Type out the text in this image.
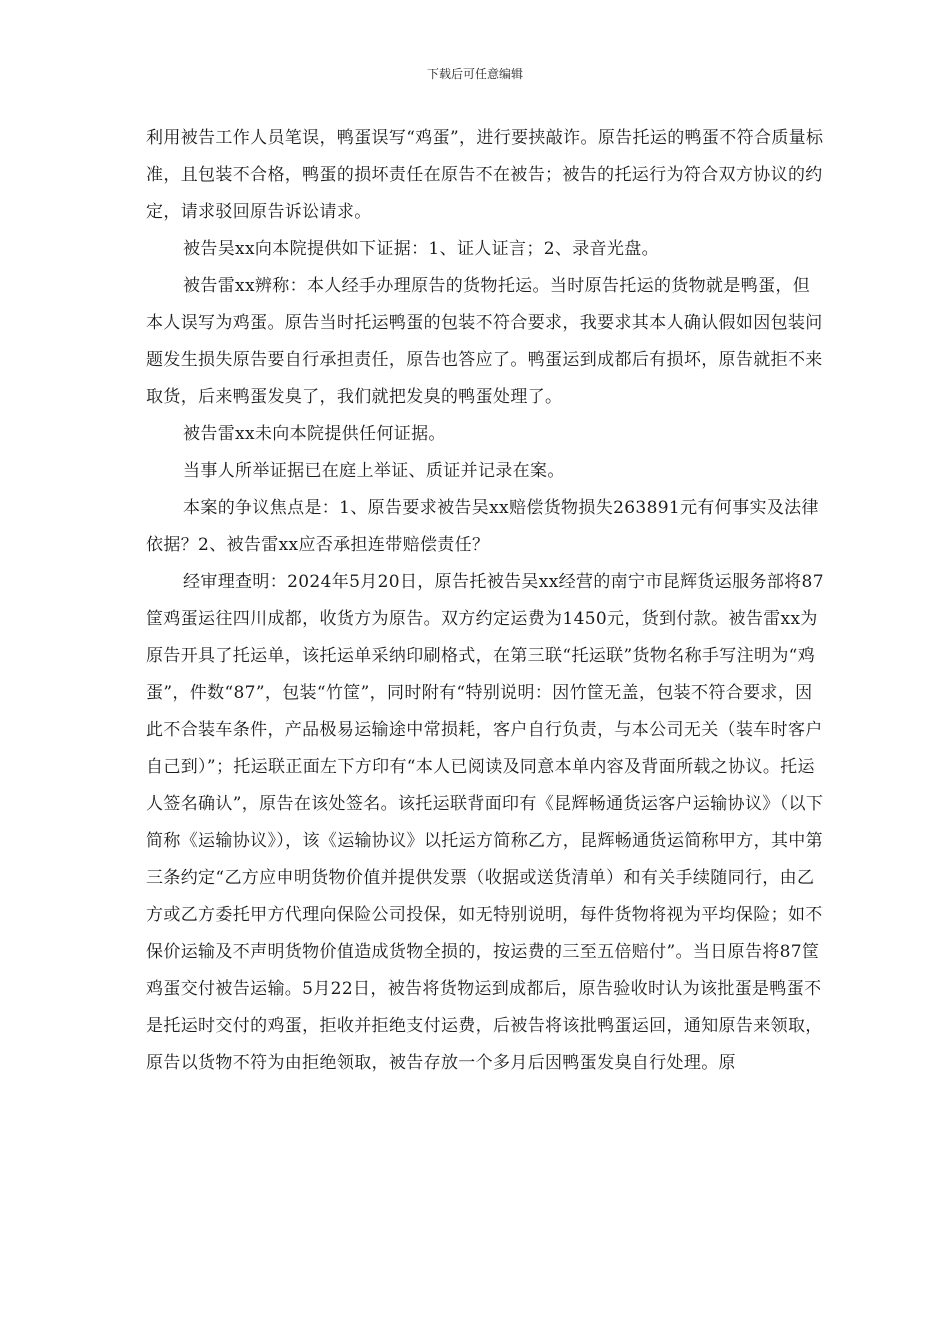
下载后可任意编辑

利用被告工作人员笔误，鸭蛋误写“鸡蛋”，进行要挟敲诈。原告托运的鸭蛋不符合质量标准，且包装不合格，鸭蛋的损坏责任在原告不在被告；被告的托运行为符合双方协议的约定，请求驳回原告诉讼请求。

被告吴xx向本院提供如下证据：1、证人证言；2、录音光盘。

被告雷xx辨称：本人经手办理原告的货物托运。当时原告托运的货物就是鸭蛋，但本人误写为鸡蛋。原告当时托运鸭蛋的包装不符合要求，我要求其本人确认假如因包装问题发生损失原告要自行承担责任，原告也答应了。鸭蛋运到成都后有损坏，原告就拒不来取货，后来鸭蛋发臭了，我们就把发臭的鸭蛋处理了。

被告雷xx未向本院提供任何证据。

当事人所举证据已在庭上举证、质证并记录在案。

本案的争议焦点是：1、原告要求被告吴xx赔偿货物损失263891元有何事实及法律依据？2、被告雷xx应否承担连带赔偿责任？

经审理查明：2024年5月20日，原告托被告吴xx经营的南宁市昆辉货运服务部将87筐鸡蛋运往四川成都，收货方为原告。双方约定运费为1450元，货到付款。被告雷xx为原告开具了托运单，该托运单采纳印刷格式，在第三联“托运联”货物名称手写注明为“鸡蛋”，件数“87”，包装“竹筐”，同时附有“特别说明：因竹筐无盖，包装不符合要求，因此不合装车条件，产品极易运输途中常损耗，客户自行负责，与本公司无关（装车时客户自己到）”；托运联正面左下方印有“本人已阅读及同意本单内容及背面所载之协议。托运人签名确认”，原告在该处签名。该托运联背面印有《昆辉畅通货运客户运输协议》（以下简称《运输协议》），该《运输协议》以托运方简称乙方，昆辉畅通货运简称甲方，其中第三条约定“乙方应申明货物价值并提供发票（收据或送货清单）和有关手续随同行，由乙方或乙方委托甲方代理向保险公司投保，如无特别说明，每件货物将视为平均保险；如不保价运输及不声明货物价值造成货物全损的，按运费的三至五倍赔付”。当日原告将87筐鸡蛋交付被告运输。5月22日，被告将货物运到成都后，原告验收时认为该批蛋是鸭蛋不是托运时交付的鸡蛋，拒收并拒绝支付运费，后被告将该批鸭蛋运回，通知原告来领取，原告以货物不符为由拒绝领取，被告存放一个多月后因鸭蛋发臭自行处理。原
